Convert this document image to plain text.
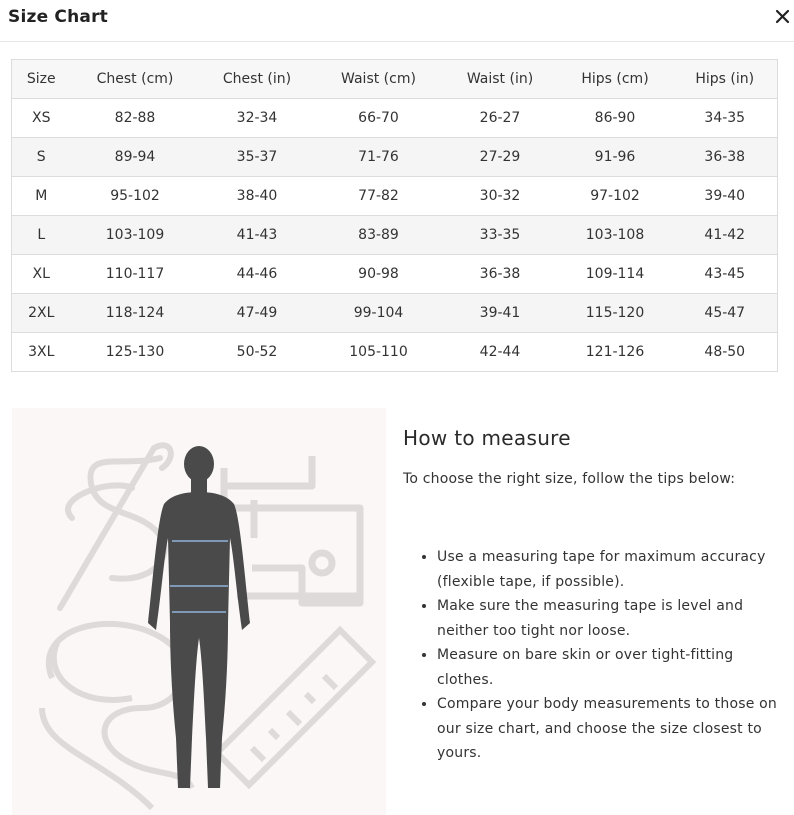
Size Chart
Size	Chest (cm)	Chest (in)	Waist (cm)	Waist (in)	Hips (cm)	Hips (in)
XS	82-88	32-34	66-70	26-27	86-90	34-35
S	89-94	35-37	71-76	27-29	91-96	36-38
M	95-102	38-40	77-82	30-32	97-102	39-40
L	103-109	41-43	83-89	33-35	103-108	41-42
XL	110-117	44-46	90-98	36-38	109-114	43-45
2XL	118-124	47-49	99-104	39-41	115-120	45-47
3XL	125-130	50-52	105-110	42-44	121-126	48-50
How to measure
To choose the right size, follow the tips below:
• Use a measuring tape for maximum accuracy (flexible tape, if possible).
• Make sure the measuring tape is level and neither too tight nor loose.
• Measure on bare skin or over tight-fitting clothes.
• Compare your body measurements to those on our size chart, and choose the size closest to yours.
